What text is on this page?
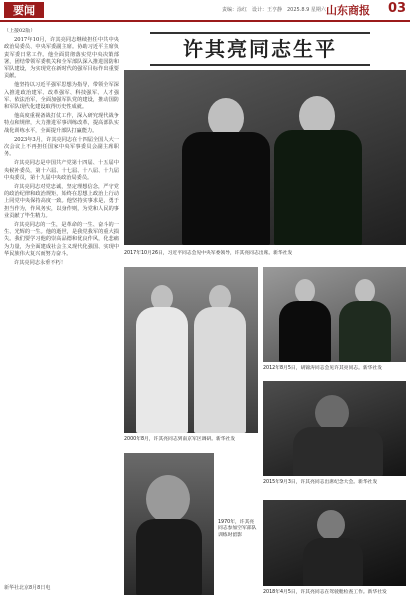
要闻	责编：涂红　设计：王亨静　2025.8.9 星期六 山东商报 03
许其亮同志生平
（上接02版）

2017年10月，许其亮同志继续担任中共中央政治局委员、中央军委副主席。协助习近平主席负责军委日常工作。他全面贯彻落实党中央决策部署，团结带领军委机关和全军部队深入推进国防和军队建设，为实现党在新时代的强军目标作出重要贡献。

他坚持以习近平强军思想为指导，带领全军深入推进政治建军、改革强军、科技强军、人才强军、依法治军，全面加强军队党的建设，推动国防和军队现代化建设取得历史性成就。

他高度重视备战打仗工作，深入研究现代战争特点和规律，大力推进军事训练改革，提高部队实战化训练水平，全面提升部队打赢能力。

2023年3月，许其亮同志在十四届全国人大一次会议上不再担任国家中央军事委员会副主席职务。

许其亮同志是中国共产党第十四届、十五届中央候补委员，第十六届、十七届、十八届、十九届中央委员，第十九届中央政治局委员。

许其亮同志对党忠诚，坚定理想信念，严守党的政治纪律和政治规矩，始终在思想上政治上行动上同党中央保持高度一致。他坚持实事求是，勇于担当作为，作风务实，以身作则，为党和人民的事业贡献了毕生精力。

许其亮同志的一生，是革命的一生、奋斗的一生、光辉的一生。他的逝世，是我党我军的重大损失。我们要学习他的崇高品德和优良作风，化悲痛为力量，为全面建成社会主义现代化强国、实现中华民族伟大复兴而努力奋斗。

许其亮同志永垂不朽！

新华社北京8月8日电
2017年10月26日，习近平同志会见中央军委领导，许其亮同志出席。新华社发
2000年8月，许其亮同志到南京军区调研。新华社发
2012年8月5日，胡锦涛同志会见许其亮同志。新华社发
2015年9月3日，许其亮同志出席纪念大会。新华社发
1970年，许其亮同志参加空军部队训练时留影
2018年4月5日，许其亮同志在驾驶舱检查工作。新华社发
